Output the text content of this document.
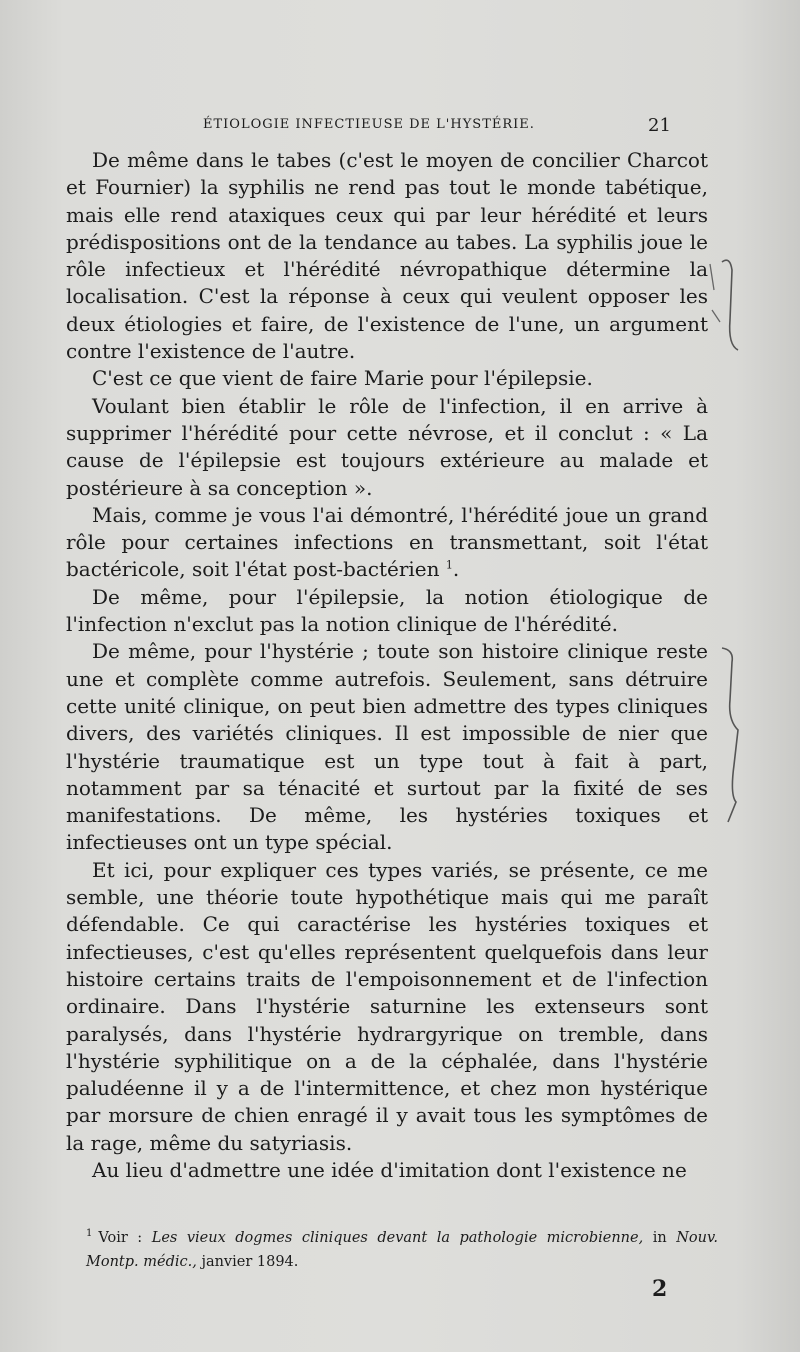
ÉTIOLOGIE INFECTIEUSE DE L'HYSTÉRIE.	21

De même dans le tabes (c'est le moyen de concilier Charcot et Fournier) la syphilis ne rend pas tout le monde tabétique, mais elle rend ataxiques ceux qui par leur hérédité et leurs prédispositions ont de la tendance au tabes. La syphilis joue le rôle infectieux et l'hérédité névropathique détermine la localisation. C'est la réponse à ceux qui veulent opposer les deux étiologies et faire, de l'existence de l'une, un argument contre l'existence de l'autre.

C'est ce que vient de faire Marie pour l'épilepsie.

Voulant bien établir le rôle de l'infection, il en arrive à supprimer l'hérédité pour cette névrose, et il conclut : « La cause de l'épilepsie est toujours extérieure au malade et postérieure à sa conception ».

Mais, comme je vous l'ai démontré, l'hérédité joue un grand rôle pour certaines infections en transmettant, soit l'état bactéricole, soit l'état post-bactérien $^1$.

De même, pour l'épilepsie, la notion étiologique de l'infection n'exclut pas la notion clinique de l'hérédité.

De même, pour l'hystérie ; toute son histoire clinique reste une et complète comme autrefois. Seulement, sans détruire cette unité clinique, on peut bien admettre des types cliniques divers, des variétés cliniques. Il est impossible de nier que l'hystérie traumatique est un type tout à fait à part, notamment par sa ténacité et surtout par la fixité de ses manifestations. De même, les hystéries toxiques et infectieuses ont un type spécial.

Et ici, pour expliquer ces types variés, se présente, ce me semble, une théorie toute hypothétique mais qui me paraît défendable. Ce qui caractérise les hystéries toxiques et infectieuses, c'est qu'elles représentent quelquefois dans leur histoire certains traits de l'empoisonnement et de l'infection ordinaire. Dans l'hystérie saturnine les extenseurs sont paralysés, dans l'hystérie hydrargyrique on tremble, dans l'hystérie syphilitique on a de la céphalée, dans l'hystérie paludéenne il y a de l'intermittence, et chez mon hystérique par morsure de chien enragé il y avait tous les symptômes de la rage, même du satyriasis.

Au lieu d'admettre une idée d'imitation dont l'existence ne

$^1$ Voir : Les vieux dogmes cliniques devant la pathologie microbienne, in Nouv. Montp. médic., janvier 1894.
2
